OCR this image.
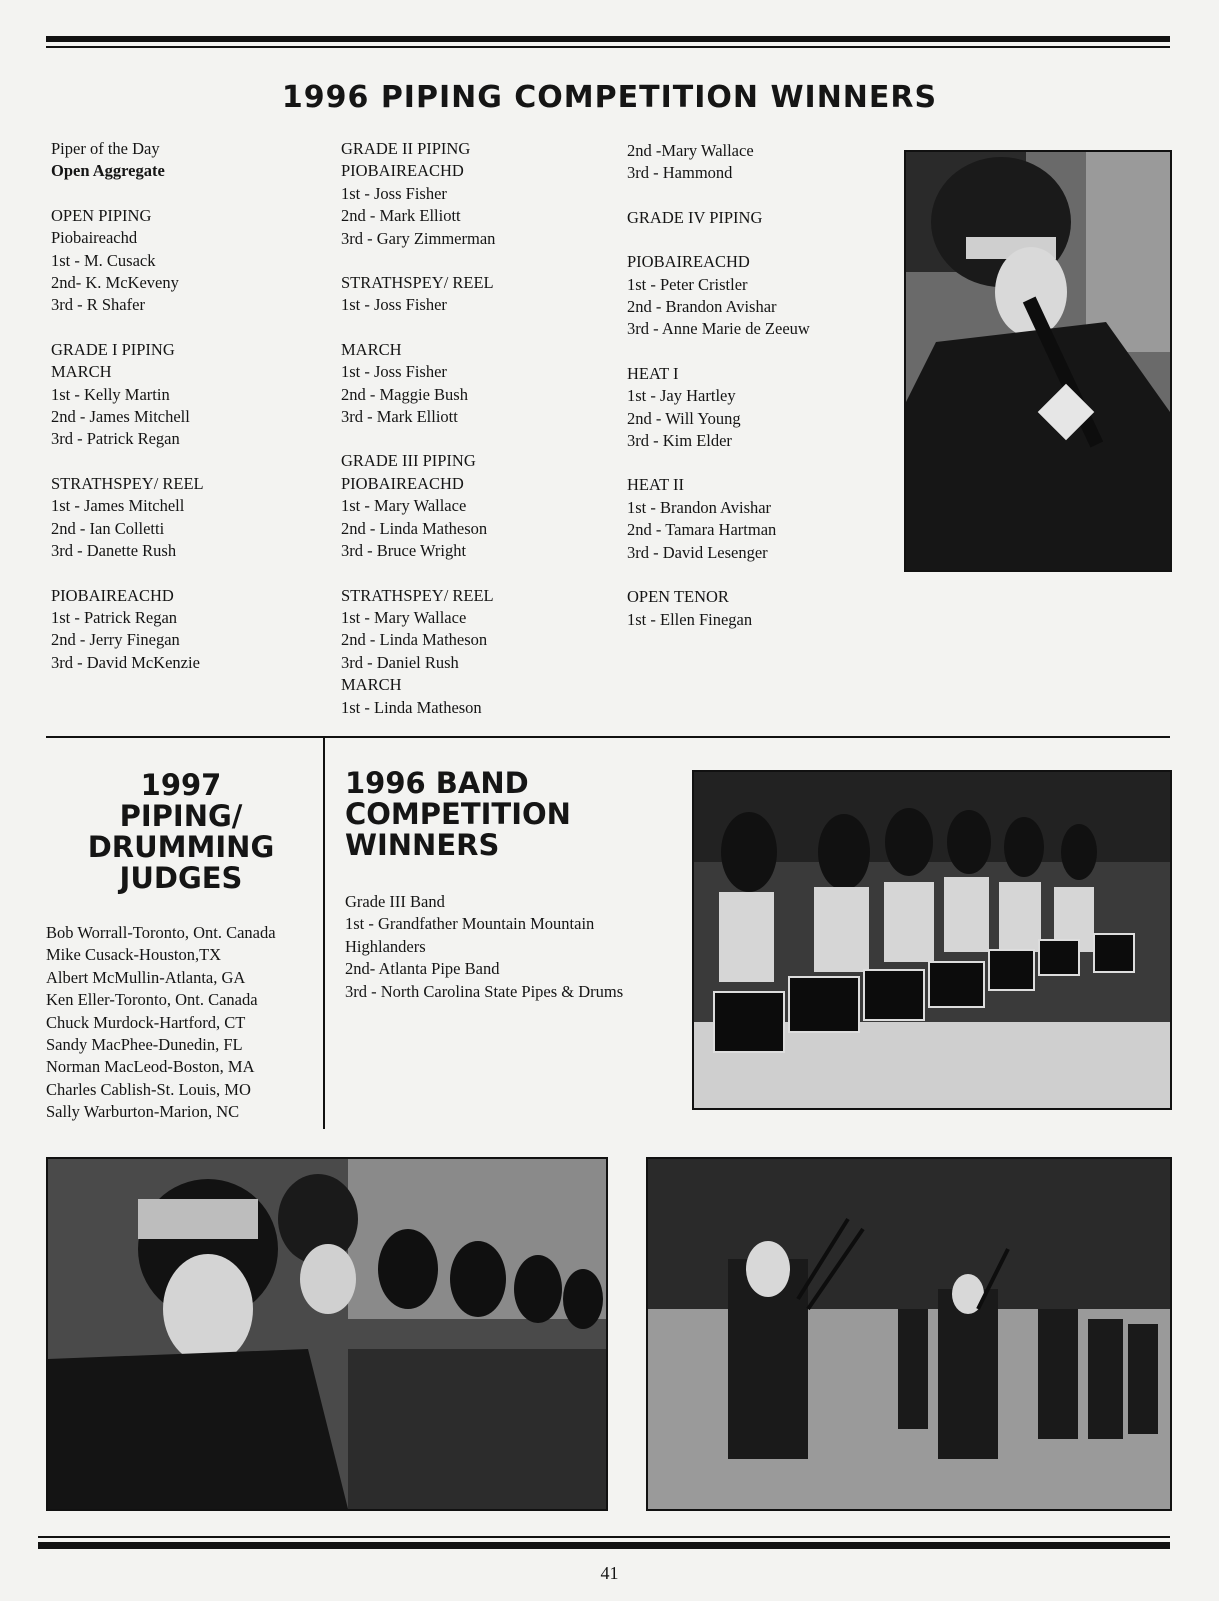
1996 PIPING COMPETITION WINNERS
Piper of the Day
Open Aggregate
OPEN PIPING
Piobaireachd
1st - M. Cusack
2nd- K. McKeveny
3rd - R Shafer
GRADE I PIPING
MARCH
1st - Kelly Martin
2nd - James Mitchell
3rd - Patrick Regan
STRATHSPEY/ REEL
1st - James Mitchell
2nd - Ian Colletti
3rd - Danette Rush
PIOBAIREACHD
1st - Patrick Regan
2nd - Jerry Finegan
3rd - David McKenzie
GRADE II PIPING
PIOBAIREACHD
1st - Joss Fisher
2nd - Mark Elliott
3rd - Gary Zimmerman
STRATHSPEY/ REEL
1st - Joss Fisher
MARCH
1st - Joss Fisher
2nd - Maggie Bush
3rd - Mark Elliott
GRADE III PIPING
PIOBAIREACHD
1st - Mary Wallace
2nd - Linda Matheson
3rd - Bruce Wright
STRATHSPEY/ REEL
1st - Mary Wallace
2nd - Linda Matheson
3rd - Daniel Rush
MARCH
1st - Linda Matheson
2nd -Mary Wallace
3rd - Hammond
GRADE IV PIPING
PIOBAIREACHD
1st - Peter Cristler
2nd - Brandon Avishar
3rd - Anne Marie de Zeeuw
HEAT I
1st - Jay Hartley
2nd - Will Young
3rd - Kim Elder
HEAT II
1st - Brandon Avishar
2nd - Tamara Hartman
3rd - David Lesenger
OPEN TENOR
1st - Ellen Finegan
1997
PIPING/
DRUMMING
JUDGES
Bob Worrall-Toronto, Ont. Canada
Mike Cusack-Houston,TX
Albert McMullin-Atlanta, GA
Ken Eller-Toronto, Ont. Canada
Chuck Murdock-Hartford, CT
Sandy MacPhee-Dunedin, FL
Norman MacLeod-Boston, MA
Charles Cablish-St. Louis, MO
Sally Warburton-Marion, NC
1996 BAND
COMPETITION
WINNERS
Grade III Band
1st - Grandfather Mountain Mountain
Highlanders
2nd- Atlanta Pipe Band
3rd - North Carolina State Pipes & Drums
41
